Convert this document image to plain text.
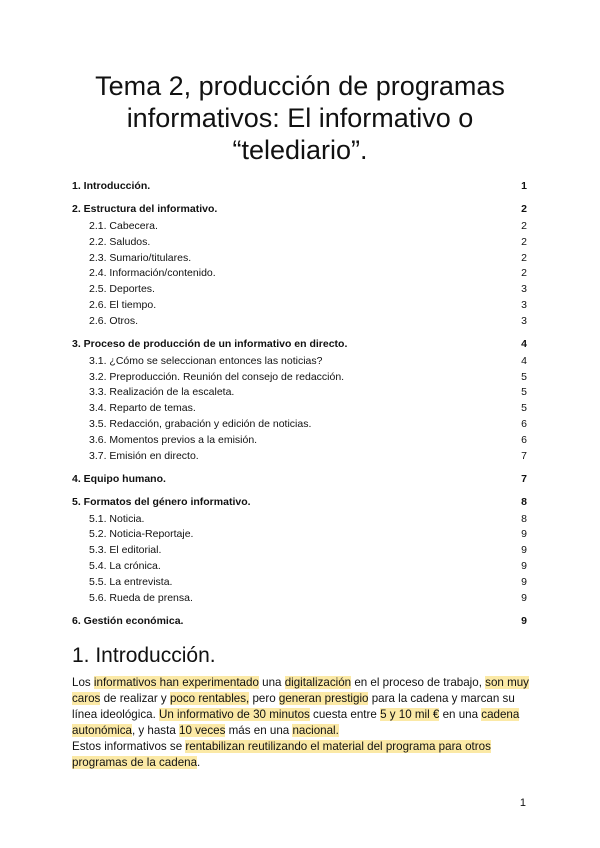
Tema 2, producción de programas informativos: El informativo o “telediario”.
1. Introducción.	1
2. Estructura del informativo.	2
2.1. Cabecera.	2
2.2. Saludos.	2
2.3. Sumario/titulares.	2
2.4. Información/contenido.	2
2.5. Deportes.	3
2.6. El tiempo.	3
2.6. Otros.	3
3. Proceso de producción de un informativo en directo.	4
3.1. ¿Cómo se seleccionan entonces las noticias?	4
3.2. Preproducción. Reunión del consejo de redacción.	5
3.3. Realización de la escaleta.	5
3.4. Reparto de temas.	5
3.5. Redacción, grabación y edición de noticias.	6
3.6. Momentos previos a la emisión.	6
3.7. Emisión en directo.	7
4. Equipo humano.	7
5. Formatos del género informativo.	8
5.1. Noticia.	8
5.2. Noticia-Reportaje.	9
5.3. El editorial.	9
5.4. La crónica.	9
5.5. La entrevista.	9
5.6. Rueda de prensa.	9
6. Gestión económica.	9
1. Introducción.

Los informativos han experimentado una digitalización en el proceso de trabajo, son muy caros de realizar y poco rentables, pero generan prestigio para la cadena y marcan su línea ideológica. Un informativo de 30 minutos cuesta entre 5 y 10 mil € en una cadena autonómica, y hasta 10 veces más en una nacional.
Estos informativos se rentabilizan reutilizando el material del programa para otros programas de la cadena.

1
